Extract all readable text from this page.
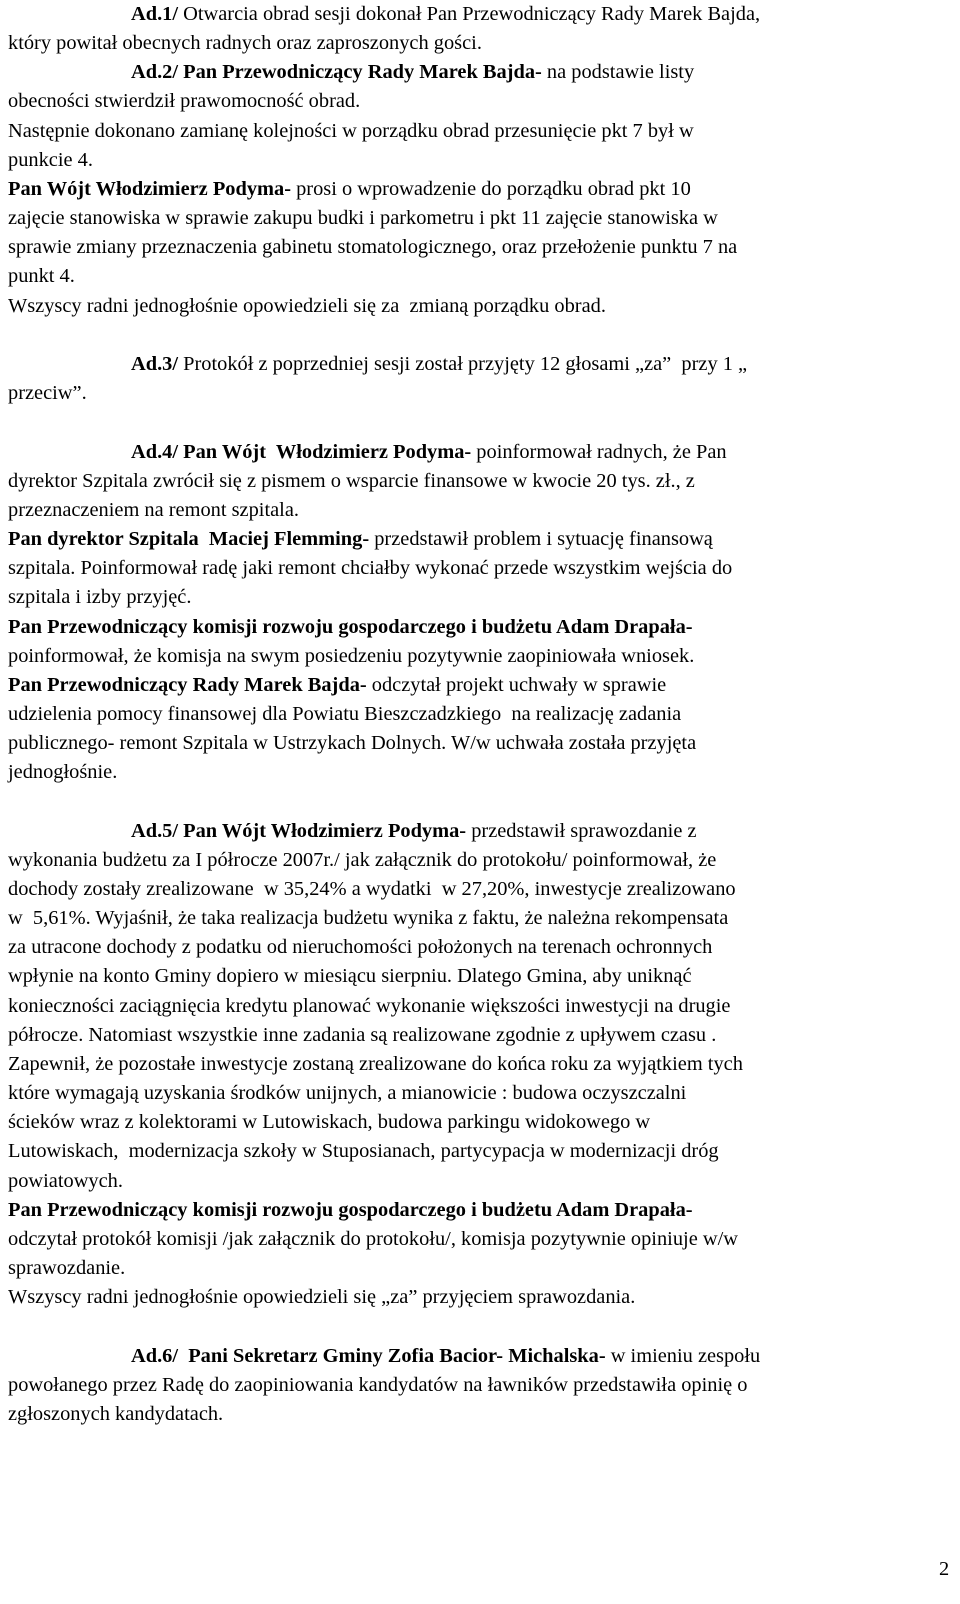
Ad.1/ Otwarcia obrad sesji dokonał Pan Przewodniczący Rady Marek Bajda,
który powitał obecnych radnych oraz zaproszonych gości.
Ad.2/ Pan Przewodniczący Rady Marek Bajda- na podstawie listy
obecności stwierdził prawomocność obrad.
Następnie dokonano zamianę kolejności w porządku obrad przesunięcie pkt 7 był w
punkcie 4.
Pan Wójt Włodzimierz Podyma- prosi o wprowadzenie do porządku obrad pkt 10
zajęcie stanowiska w sprawie zakupu budki i parkometru i pkt 11 zajęcie stanowiska w
sprawie zmiany przeznaczenia gabinetu stomatologicznego, oraz przełożenie punktu 7 na
punkt 4.
Wszyscy radni jednogłośnie opowiedzieli się za  zmianą porządku obrad.
Ad.3/ Protokół z poprzedniej sesji został przyjęty 12 głosami „za”  przy 1 „
przeciw”.
Ad.4/ Pan Wójt  Włodzimierz Podyma- poinformował radnych, że Pan
dyrektor Szpitala zwrócił się z pismem o wsparcie finansowe w kwocie 20 tys. zł., z
przeznaczeniem na remont szpitala.
Pan dyrektor Szpitala  Maciej Flemming- przedstawił problem i sytuację finansową
szpitala. Poinformował radę jaki remont chciałby wykonać przede wszystkim wejścia do
szpitala i izby przyjęć.
Pan Przewodniczący komisji rozwoju gospodarczego i budżetu Adam Drapała-
poinformował, że komisja na swym posiedzeniu pozytywnie zaopiniowała wniosek.
Pan Przewodniczący Rady Marek Bajda- odczytał projekt uchwały w sprawie
udzielenia pomocy finansowej dla Powiatu Bieszczadzkiego  na realizację zadania
publicznego- remont Szpitala w Ustrzykach Dolnych. W/w uchwała została przyjęta
jednogłośnie.
Ad.5/ Pan Wójt Włodzimierz Podyma- przedstawił sprawozdanie z
wykonania budżetu za I półrocze 2007r./ jak załącznik do protokołu/ poinformował, że
dochody zostały zrealizowane  w 35,24% a wydatki  w 27,20%, inwestycje zrealizowano
w  5,61%. Wyjaśnił, że taka realizacja budżetu wynika z faktu, że należna rekompensata
za utracone dochody z podatku od nieruchomości położonych na terenach ochronnych
wpłynie na konto Gminy dopiero w miesiącu sierpniu. Dlatego Gmina, aby uniknąć
konieczności zaciągnięcia kredytu planować wykonanie większości inwestycji na drugie
półrocze. Natomiast wszystkie inne zadania są realizowane zgodnie z upływem czasu .
Zapewnił, że pozostałe inwestycje zostaną zrealizowane do końca roku za wyjątkiem tych
które wymagają uzyskania środków unijnych, a mianowicie : budowa oczyszczalni
ścieków wraz z kolektorami w Lutowiskach, budowa parkingu widokowego w
Lutowiskach,  modernizacja szkoły w Stuposianach, partycypacja w modernizacji dróg
powiatowych.
Pan Przewodniczący komisji rozwoju gospodarczego i budżetu Adam Drapała-
odczytał protokół komisji /jak załącznik do protokołu/, komisja pozytywnie opiniuje w/w
sprawozdanie.
Wszyscy radni jednogłośnie opowiedzieli się „za” przyjęciem sprawozdania.
Ad.6/  Pani Sekretarz Gminy Zofia Bacior- Michalska- w imieniu zespołu
powołanego przez Radę do zaopiniowania kandydatów na ławników przedstawiła opinię o
zgłoszonych kandydatach.
2
